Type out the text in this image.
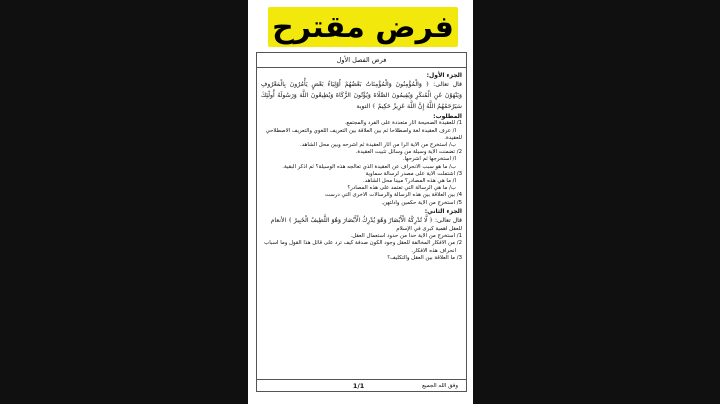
فرض مقترح
فرض الفصل الأول
الجزء الأول:
قال تعالى: ﴿ وَالْمُؤْمِنُونَ وَالْمُؤْمِنَاتُ بَعْضُهُمْ أَوْلِيَاءُ بَعْضٍ يَأْمُرُونَ بِالْمَعْرُوفِ وَيَنْهَوْنَ عَنِ الْمُنكَرِ وَيُقِيمُونَ الصَّلَاةَ وَيُؤْتُونَ الزَّكَاةَ وَيُطِيعُونَ اللَّهَ وَرَسُولَهُ أُولَٰئِكَ سَيَرْحَمُهُمُ اللَّهُ إِنَّ اللَّهَ عَزِيزٌ حَكِيمٌ ﴾ التوبة
المطلوب:
1/ للعقيدة الصحيحة آثار متعددة على الفرد والمجتمع.
أ/ عرف العقيدة لغة واصطلاحا ثم بين العلاقة بين التعريف اللغوي والتعريف الاصطلاحي
للعقيدة.
ب/ استخرج من الآية أثرا من آثار العقيدة ثم اشرحه وبين محل الشاهد.
2/ تضمنت الآية وسيلة من وسائل تثبيت العقيدة.
أ/ استخرجها ثم اشرحها.
ب/ ما هو سبب الانحراف عن العقيدة الذي تعالجه هذه الوسيلة؟ ثم اذكر البقية.
3/ اشتملت الآية على مصدر لرسالة سماوية
أ/ ما هي هذه المصادر؟ مبينا محل الشاهد.
ب/ ما هي الرسالة التي تعتمد على هذه المصادر؟
4/ بين العلاقة بين هذه الرسالة والرسالات الأخرى التي درست
5/ استخرج من الآية حكمين وادلتهن.
الجزء الثاني:
قال تعالى: ﴿ لَّا تُدْرِكُهُ الْأَبْصَارُ وَهُوَ يُدْرِكُ الْأَبْصَارَ وَهُوَ اللَّطِيفُ الْخَبِيرُ ﴾ الأنعام
للعقل أهمية كبرى في الإسلام
1/ استخرج من الآية حدا من حدود استعمال العقل.
2/ من الأفكار المخالفة للعقل وجود الكون صدفة كيف ترد على قائل هذا القول وما أسباب
انحراف هذه الأفكار.
3/ ما العلاقة بين العقل والتكليف؟
وفق الله الجميع
1/1
